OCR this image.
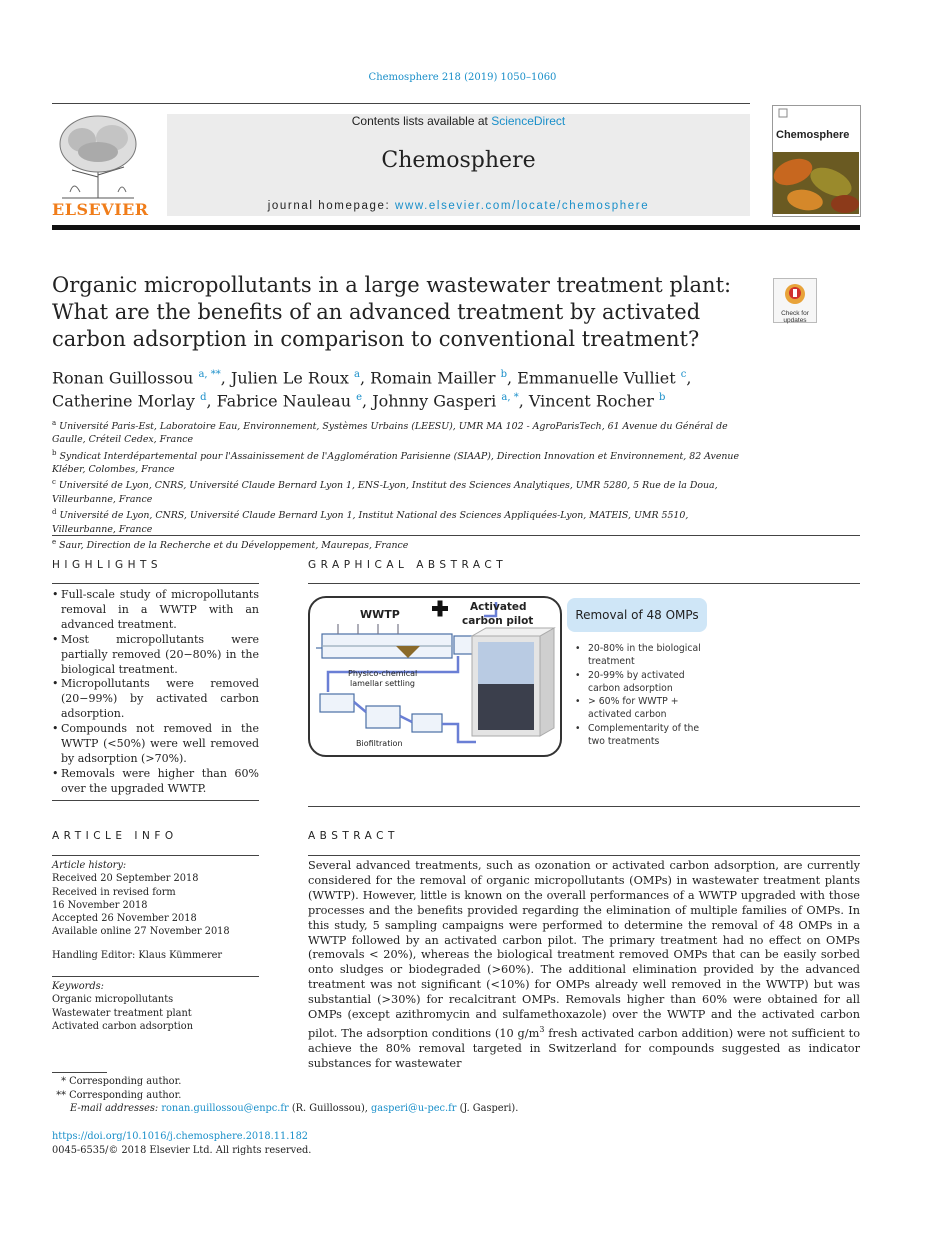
Chemosphere 218 (2019) 1050–1060
ELSEVIER
Contents lists available at ScienceDirect
Chemosphere
journal homepage: www.elsevier.com/locate/chemosphere
Chemosphere
Organic micropollutants in a large wastewater treatment plant: What are the benefits of an advanced treatment by activated carbon adsorption in comparison to conventional treatment?
Check for updates
Ronan Guillossou $^{a, **}$, Julien Le Roux $^a$, Romain Mailler $^b$, Emmanuelle Vulliet $^c$,
Catherine Morlay $^d$, Fabrice Nauleau $^e$, Johnny Gasperi $^{a, *}$, Vincent Rocher $^b$
$^a$ Université Paris-Est, Laboratoire Eau, Environnement, Systèmes Urbains (LEESU), UMR MA 102 - AgroParisTech, 61 Avenue du Général de Gaulle, Créteil Cedex, France
$^b$ Syndicat Interdépartemental pour l'Assainissement de l'Agglomération Parisienne (SIAAP), Direction Innovation et Environnement, 82 Avenue Kléber, Colombes, France
$^c$ Université de Lyon, CNRS, Université Claude Bernard Lyon 1, ENS-Lyon, Institut des Sciences Analytiques, UMR 5280, 5 Rue de la Doua, Villeurbanne, France
$^d$ Université de Lyon, CNRS, Université Claude Bernard Lyon 1, Institut National des Sciences Appliquées-Lyon, MATEIS, UMR 5510, Villeurbanne, France
$^e$ Saur, Direction de la Recherche et du Développement, Maurepas, France
HIGHLIGHTS
• Full-scale study of micropollutants removal in a WWTP with an advanced treatment.
• Most micropollutants were partially removed (20−80%) in the biological treatment.
• Micropollutants were removed (20−99%) by activated carbon adsorption.
• Compounds not removed in the WWTP (<50%) were well removed by adsorption (>70%).
• Removals were higher than 60% over the upgraded WWTP.
GRAPHICAL ABSTRACT
WWTP
Activated
carbon pilot
Physico-chemical
lamellar settling
Biofiltration
Removal of 48 OMPs
• 20-80% in the biological treatment
• 20-99% by activated carbon adsorption
• > 60% for WWTP + activated carbon
• Complementarity of the two treatments
ARTICLE INFO
Article history:
Received 20 September 2018
Received in revised form
16 November 2018
Accepted 26 November 2018
Available online 27 November 2018
Handling Editor: Klaus Kümmerer
Keywords:
Organic micropollutants
Wastewater treatment plant
Activated carbon adsorption
ABSTRACT
Several advanced treatments, such as ozonation or activated carbon adsorption, are currently considered for the removal of organic micropollutants (OMPs) in wastewater treatment plants (WWTP). However, little is known on the overall performances of a WWTP upgraded with those processes and the benefits provided regarding the elimination of multiple families of OMPs. In this study, 5 sampling campaigns were performed to determine the removal of 48 OMPs in a WWTP followed by an activated carbon pilot. The primary treatment had no effect on OMPs (removals < 20%), whereas the biological treatment removed OMPs that can be easily sorbed onto sludges or biodegraded (>60%). The additional elimination provided by the advanced treatment was not significant (<10%) for OMPs already well removed in the WWTP) but was substantial (>30%) for recalcitrant OMPs. Removals higher than 60% were obtained for all OMPs (except azithromycin and sulfamethoxazole) over the WWTP and the activated carbon pilot. The adsorption conditions (10 $g/m^3$ fresh activated carbon addition) were not sufficient to achieve the 80% removal targeted in Switzerland for compounds suggested as indicator substances for wastewater
* Corresponding author.
** Corresponding author.
E-mail addresses: ronan.guillossou@enpc.fr (R. Guillossou), gasperi@u-pec.fr (J. Gasperi).
https://doi.org/10.1016/j.chemosphere.2018.11.182
0045-6535/© 2018 Elsevier Ltd. All rights reserved.
